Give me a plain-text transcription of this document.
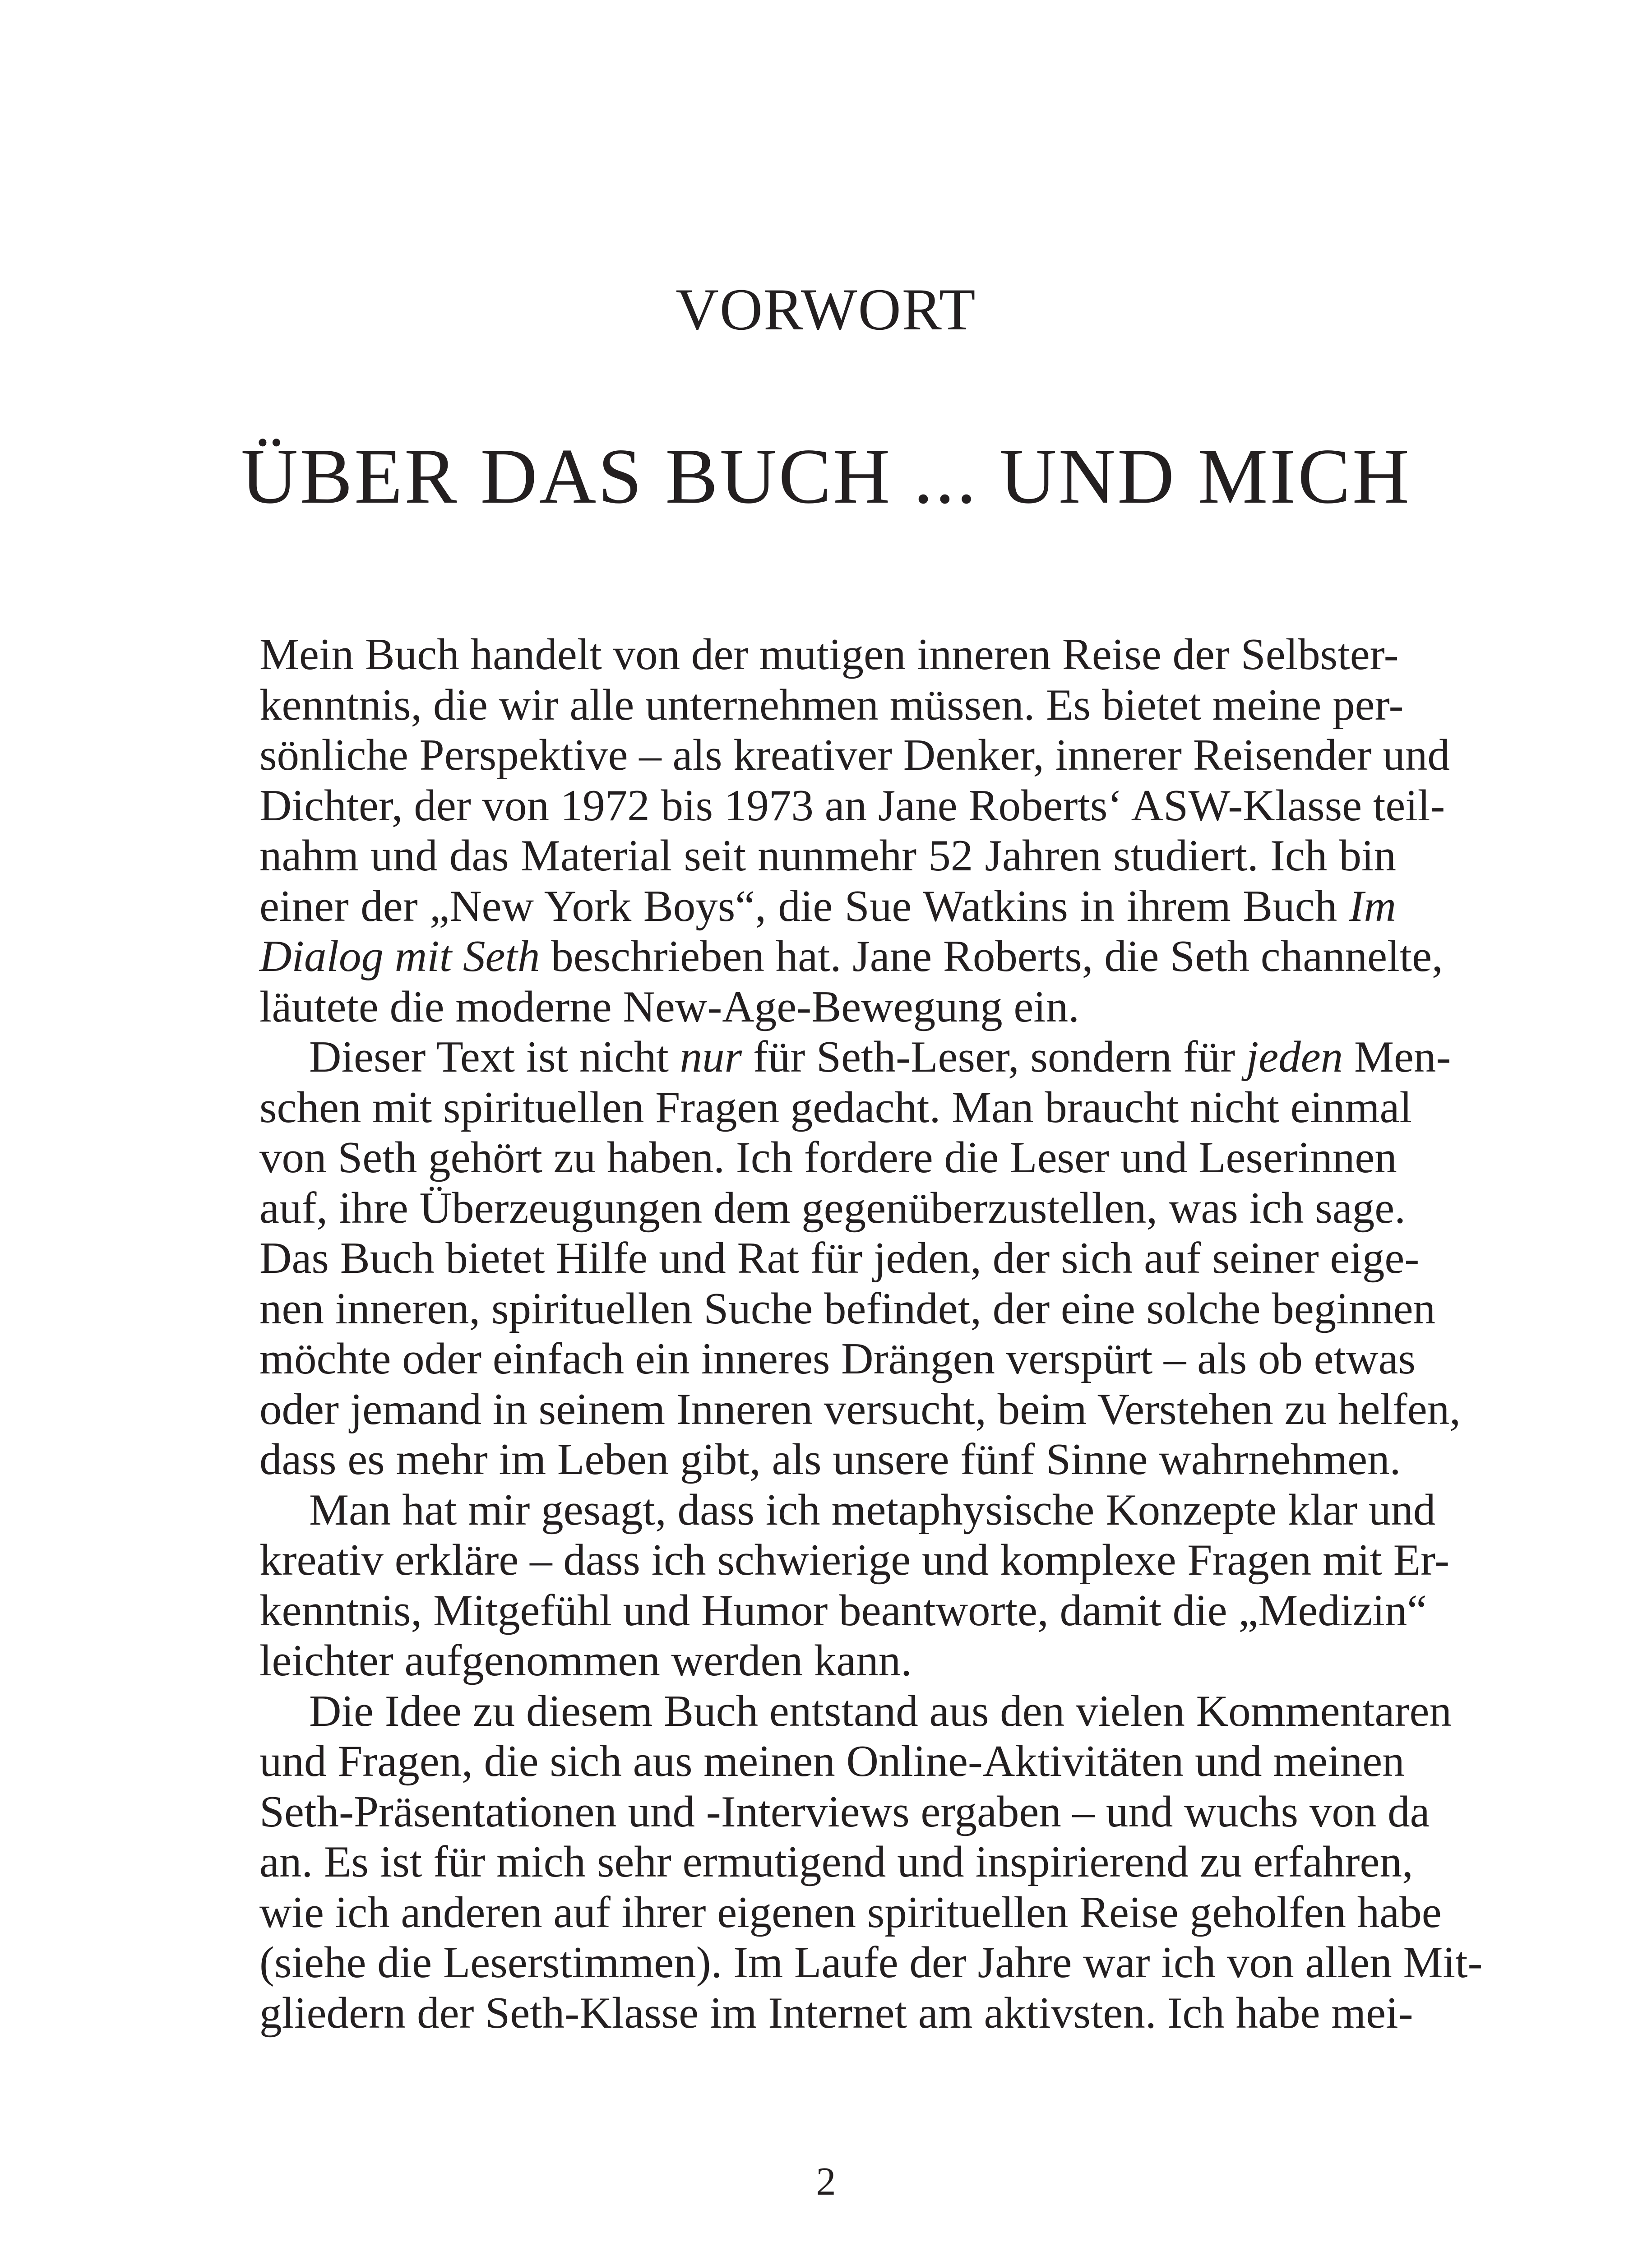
VORWORT
ÜBER DAS BUCH ... UND MICH
Mein Buch handelt von der mutigen inneren Reise der Selbster-
kenntnis, die wir alle unternehmen müssen. Es bietet meine per-
sönliche Perspektive – als kreativer Denker, innerer Reisender und
Dichter, der von 1972 bis 1973 an Jane Roberts‘ ASW-Klasse teil-
nahm und das Material seit nunmehr 52 Jahren studiert. Ich bin
einer der „New York Boys“, die Sue Watkins in ihrem Buch Im
Dialog mit Seth beschrieben hat. Jane Roberts, die Seth channelte,
läutete die moderne New-Age-Bewegung ein.
Dieser Text ist nicht nur für Seth-Leser, sondern für jeden Men-
schen mit spirituellen Fragen gedacht. Man braucht nicht einmal
von Seth gehört zu haben. Ich fordere die Leser und Leserinnen
auf, ihre Überzeugungen dem gegenüberzustellen, was ich sage.
Das Buch bietet Hilfe und Rat für jeden, der sich auf seiner eige-
nen inneren, spirituellen Suche befindet, der eine solche beginnen
möchte oder einfach ein inneres Drängen verspürt – als ob etwas
oder jemand in seinem Inneren versucht, beim Verstehen zu helfen,
dass es mehr im Leben gibt, als unsere fünf Sinne wahrnehmen.
Man hat mir gesagt, dass ich metaphysische Konzepte klar und
kreativ erkläre – dass ich schwierige und komplexe Fragen mit Er-
kenntnis, Mitgefühl und Humor beantworte, damit die „Medizin“
leichter aufgenommen werden kann.
Die Idee zu diesem Buch entstand aus den vielen Kommentaren
und Fragen, die sich aus meinen Online-Aktivitäten und meinen
Seth-Präsentationen und -Interviews ergaben – und wuchs von da
an. Es ist für mich sehr ermutigend und inspirierend zu erfahren,
wie ich anderen auf ihrer eigenen spirituellen Reise geholfen habe
(siehe die Leserstimmen). Im Laufe der Jahre war ich von allen Mit-
gliedern der Seth-Klasse im Internet am aktivsten. Ich habe mei-
2
